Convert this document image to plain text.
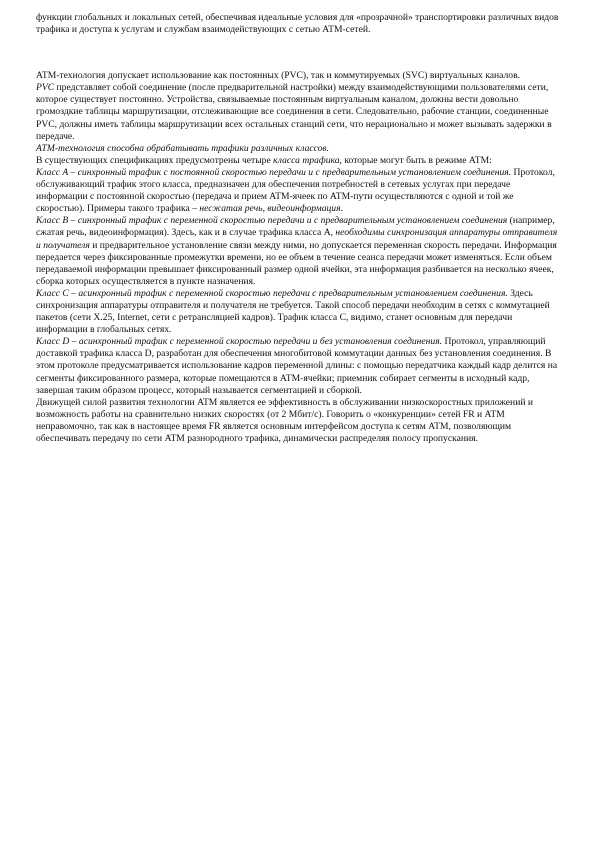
функции глобальных и локальных сетей, обеспечивая идеальные условия для «прозрачной» транспортировки различных видов трафика и доступа к услугам и службам взаимодействующих с сетью ATM-сетей.

ATM-технология допускает использование как постоянных (PVC), так и коммутируемых (SVC) виртуальных каналов.

PVC представляет собой соединение (после предварительной настройки) между взаимодействующими пользователями сети, которое существует постоянно. Устройства, связываемые постоянным виртуальным каналом, должны вести довольно громоздкие таблицы маршрутизации, отслеживающие все соединения в сети. Следовательно, рабочие станции, соединенные PVC, должны иметь таблицы маршрутизации всех остальных станций сети, что нерационально и может вызывать задержки в передаче.

ATM-технология способна обрабатывать трафики различных классов.

В существующих спецификациях предусмотрены четыре класса трафика, которые могут быть в режиме ATM:

Класс A – синхронный трафик с постоянной скоростью передачи и с предварительным установлением соединения. Протокол, обслуживающий трафик этого класса, предназначен для обеспечения потребностей в сетевых услугах при передаче информации с постоянной скоростью (передача и прием ATM-ячеек по ATM-пути осуществляются с одной и той же скоростью). Примеры такого трафика – несжатая речь, видеоинформация.

Класс B – синхронный трафик с переменной скоростью передачи и с предварительным установлением соединения (например, сжатая речь, видеоинформация). Здесь, как и в случае трафика класса A, необходимы синхронизация аппаратуры отправителя и получателя и предварительное установление связи между ними, но допускается переменная скорость передачи. Информация передается через фиксированные промежутки времени, но ее объем в течение сеанса передачи может изменяться. Если объем передаваемой информации превышает фиксированный размер одной ячейки, эта информация разбивается на несколько ячеек, сборка которых осуществляется в пункте назначения.

Класс C – асинхронный трафик с переменной скоростью передачи с предварительным установлением соединения. Здесь синхронизация аппаратуры отправителя и получателя не требуется. Такой способ передачи необходим в сетях с коммутацией пакетов (сети X.25, Internet, сети с ретрансляцией кадров). Трафик класса C, видимо, станет основным для передачи информации в глобальных сетях.

Класс D – асинхронный трафик с переменной скоростью передачи и без установления соединения. Протокол, управляющий доставкой трафика класса D, разработан для обеспечения многобитовой коммутации данных без установления соединения. В этом протоколе предусматривается использование кадров переменной длины: с помощью передатчика каждый кадр делится на сегменты фиксированного размера, которые помещаются в ATM-ячейки; приемник собирает сегменты в исходный кадр, завершая таким образом процесс, который называется сегментацией и сборкой.

Движущей силой развития технологии ATM является ее эффективность в обслуживании низкоскоростных приложений и возможность работы на сравнительно низких скоростях (от 2 Мбит/с). Говорить о «конкуренции» сетей FR и ATM неправомочно, так как в настоящее время FR является основным интерфейсом доступа к сетям ATM, позволяющим обеспечивать передачу по сети ATM разнородного трафика, динамически распределяя полосу пропускания.
